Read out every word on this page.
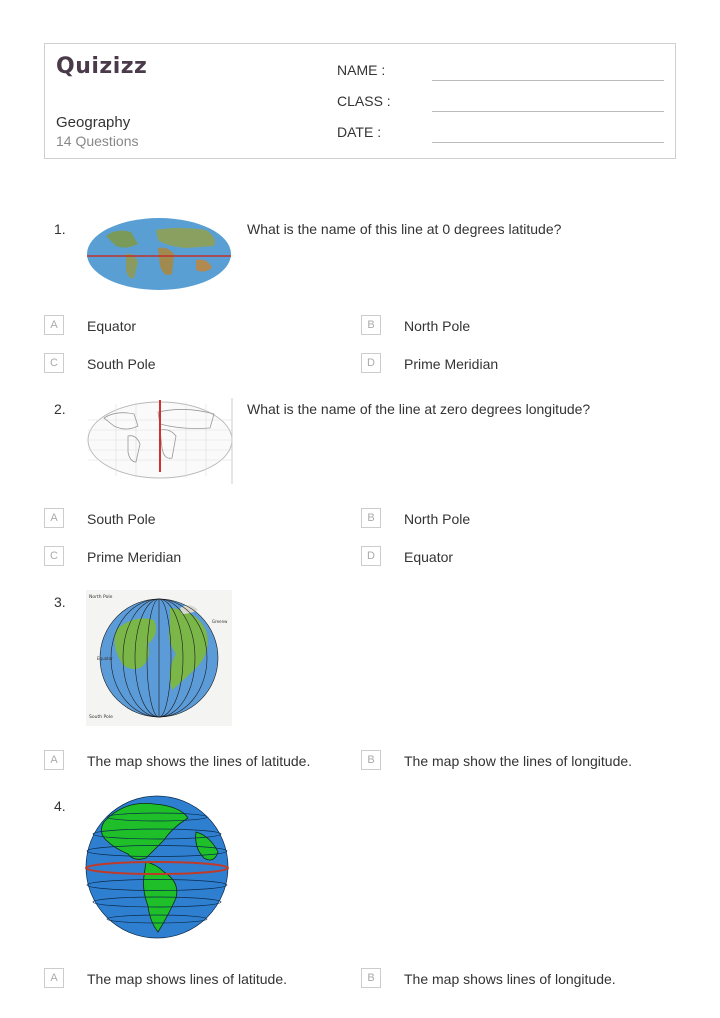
Quizizz
Geography
14 Questions
NAME :
CLASS :
DATE :
1.	What is the name of this line at 0 degrees latitude?
A	Equator	B	North Pole
C	South Pole	D	Prime Meridian
2.	What is the name of the line at zero degrees longitude?
A	South Pole	B	North Pole
C	Prime Meridian	D	Equator
3.	North Pole
South Pole
Greenw
Equator
A	The map shows the lines of latitude.	B	The map show the lines of longitude.
4.
A	The map shows lines of latitude.	B	The map shows lines of longitude.
